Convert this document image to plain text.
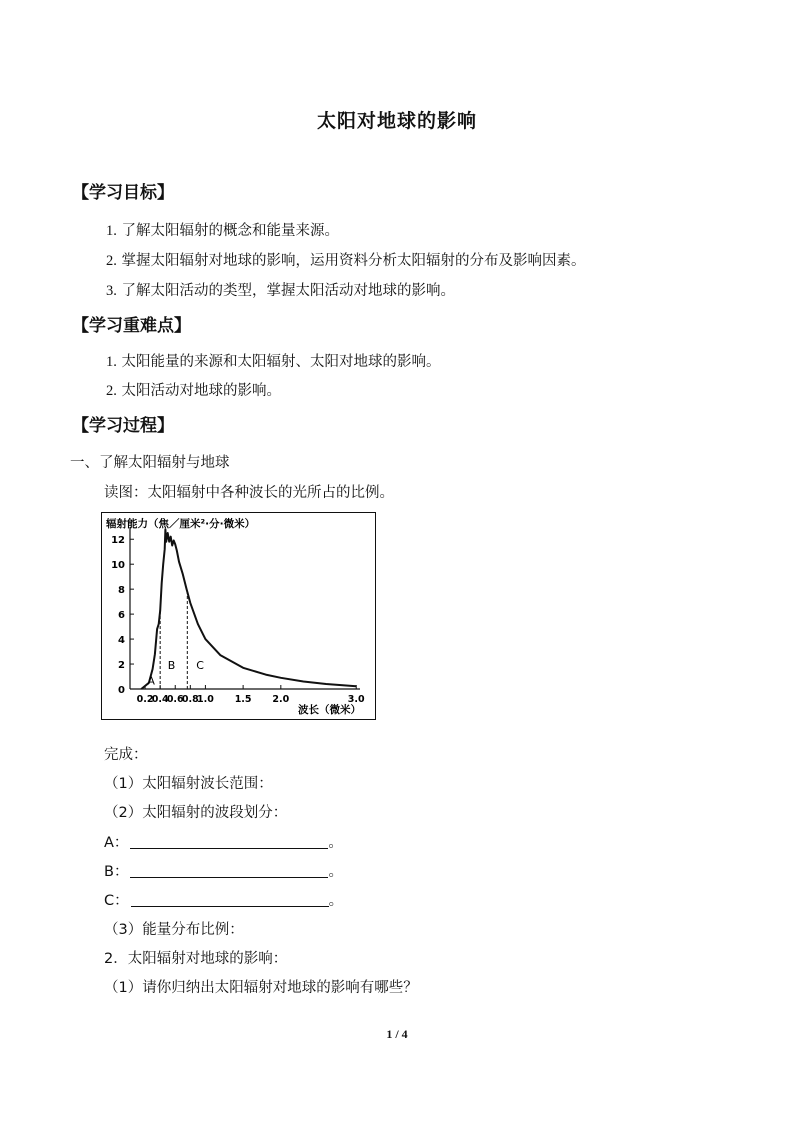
太阳对地球的影响
【学习目标】
1. 了解太阳辐射的概念和能量来源。
2. 掌握太阳辐射对地球的影响，运用资料分析太阳辐射的分布及影响因素。
3. 了解太阳活动的类型，掌握太阳活动对地球的影响。
【学习重难点】
1. 太阳能量的来源和太阳辐射、太阳对地球的影响。
2. 太阳活动对地球的影响。
【学习过程】
一、了解太阳辐射与地球
读图：太阳辐射中各种波长的光所占的比例。
辐射能力（焦／厘米²·分·微米）
波长（微米）
0
2
4
6
8
10
12
0.2
0.4
0.6
0.8
1.0 1.5 2.0	3.0
A
B C
完成：
（1）太阳辐射波长范围：
（2）太阳辐射的波段划分：
A：	。
B：	。
C：	。
（3）能量分布比例：
2．太阳辐射对地球的影响：
（1）请你归纳出太阳辐射对地球的影响有哪些？
1 / 4
